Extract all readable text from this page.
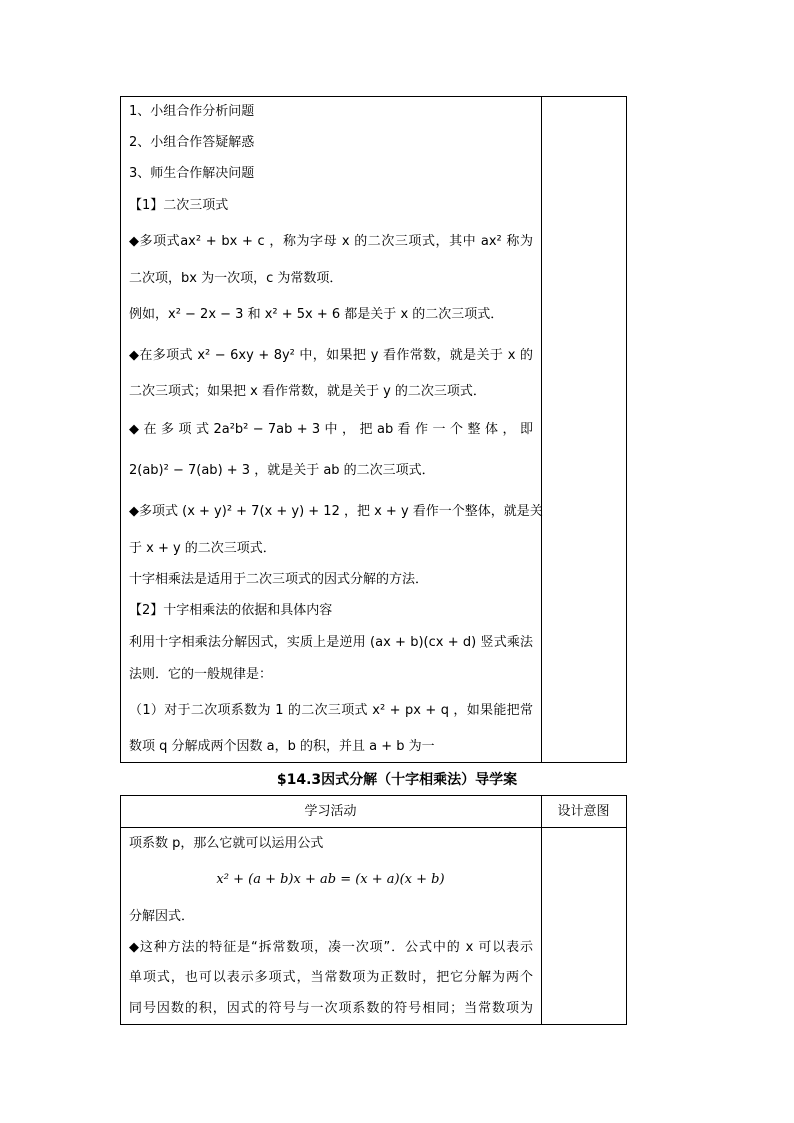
1、小组合作分析问题
2、小组合作答疑解惑
3、师生合作解决问题
【1】二次三项式
◆多项式ax² + bx + c ，称为字母 x 的二次三项式，其中 ax² 称为
二次项，bx 为一次项，c 为常数项．
例如，x² − 2x − 3 和 x² + 5x + 6 都是关于 x 的二次三项式．
◆在多项式 x² − 6xy + 8y² 中，如果把 y 看作常数，就是关于 x 的
二次三项式；如果把 x 看作常数，就是关于 y 的二次三项式．
◆ 在 多 项 式 2a²b² − 7ab + 3 中 ， 把 ab 看 作 一 个 整 体 ， 即
2(ab)² − 7(ab) + 3 ，就是关于 ab 的二次三项式．
◆多项式 (x + y)² + 7(x + y) + 12 ，把 x + y 看作一个整体，就是关
于 x + y 的二次三项式．
十字相乘法是适用于二次三项式的因式分解的方法．
【2】十字相乘法的依据和具体内容
利用十字相乘法分解因式，实质上是逆用 (ax + b)(cx + d) 竖式乘法
法则．它的一般规律是：
（1）对于二次项系数为 1 的二次三项式 x² + px + q ，如果能把常
数项 q 分解成两个因数 a，b 的积，并且 a + b 为一
$14.3因式分解（十字相乘法）导学案
学习活动	设计意图
项系数 p，那么它就可以运用公式
x² + (a + b)x + ab = (x + a)(x + b)
分解因式．
◆这种方法的特征是“拆常数项，凑一次项”．公式中的 x 可以表示
单项式，也可以表示多项式，当常数项为正数时，把它分解为两个
同号因数的积，因式的符号与一次项系数的符号相同；当常数项为
